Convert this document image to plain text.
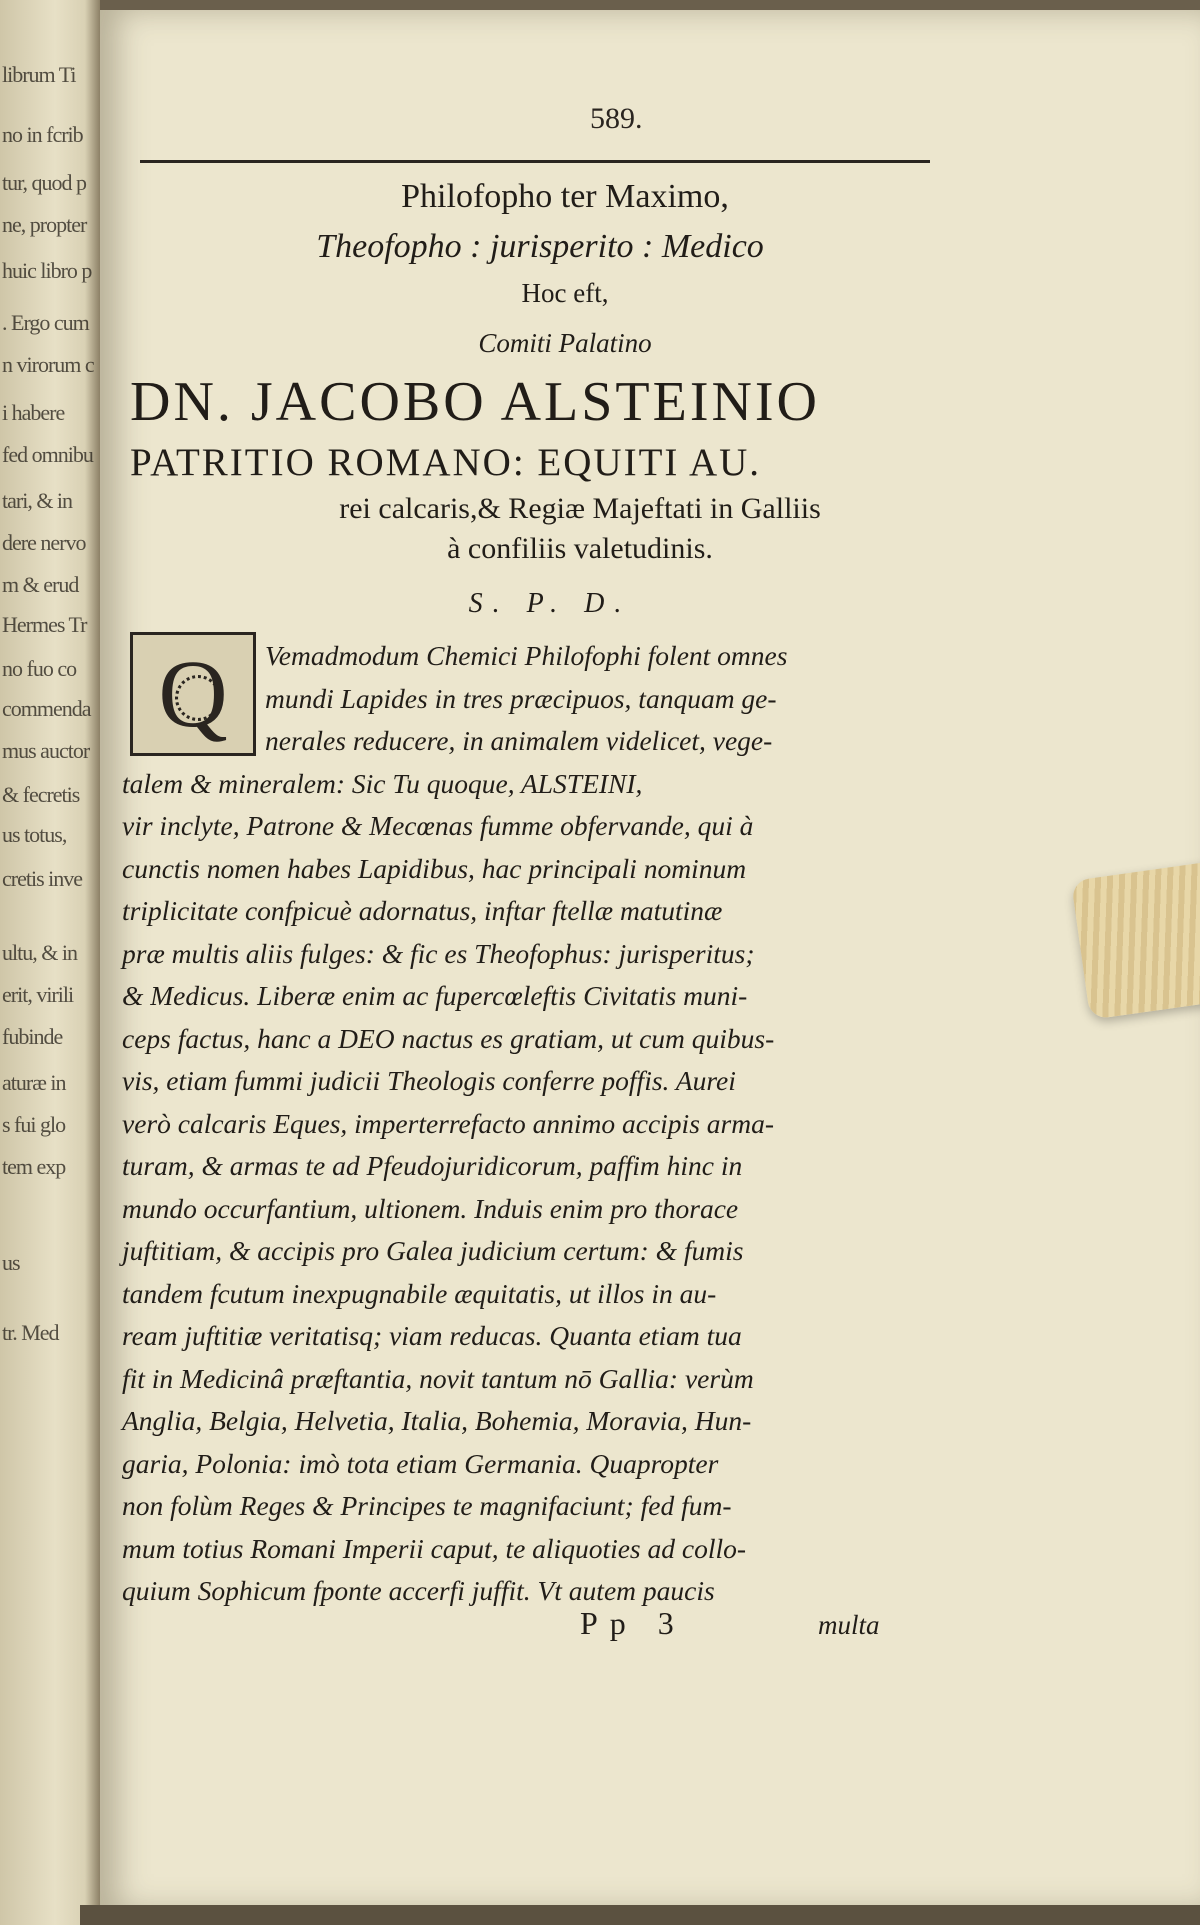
librum Ti
no in fcrib
tur, quod p
ne, propter
huic libro p
. Ergo cum
n virorum c
i habere
fed omnibu
tari, & in
dere nervo
m & erud
Hermes Tr
no fuo co
commenda
mus auctor
& fecretis
us totus,
cretis inve
ultu, & in
erit, virili
fubinde
aturæ in
s fui glo
tem exp
us
tr. Med
589.
Philofopho ter Maximo,
Theofopho : jurisperito : Medico
Hoc eft,
Comiti Palatino
DN. JACOBO ALSTEINIO
PATRITIO ROMANO: EQUITI AU.
rei calcaris,& Regiæ Majeftati in Galliis
à confiliis valetudinis.
S. P. D.
Q
Pp 3	multa
Vemadmodum Chemici Philofophi folent omnes
mundi Lapides in tres præcipuos, tanquam ge-
nerales reducere, in animalem videlicet, vege-
talem & mineralem: Sic Tu quoque, ALSTEINI,
vir inclyte, Patrone & Mecœnas fumme obfervande, qui à
cunctis nomen habes Lapidibus, hac principali nominum
triplicitate confpicuè adornatus, inftar ftellæ matutinæ
præ multis aliis fulges: & fic es Theofophus: jurisperitus;
& Medicus. Liberæ enim ac fupercœleftis Civitatis muni-
ceps factus, hanc a DEO nactus es gratiam, ut cum quibus-
vis, etiam fummi judicii Theologis conferre poffis. Aurei
verò calcaris Eques, imperterrefacto annimo accipis arma-
turam, & armas te ad Pfeudojuridicorum, paffim hinc in
mundo occurfantium, ultionem. Induis enim pro thorace
juftitiam, & accipis pro Galea judicium certum: & fumis
tandem fcutum inexpugnabile æquitatis, ut illos in au-
ream juftitiæ veritatisq; viam reducas. Quanta etiam tua
fit in Medicinâ præftantia, novit tantum nō Gallia: verùm
Anglia, Belgia, Helvetia, Italia, Bohemia, Moravia, Hun-
garia, Polonia: imò tota etiam Germania. Quapropter
non folùm Reges & Principes te magnifaciunt; fed fum-
mum totius Romani Imperii caput, te aliquoties ad collo-
quium Sophicum fponte accerfi juffit. Vt autem paucis
